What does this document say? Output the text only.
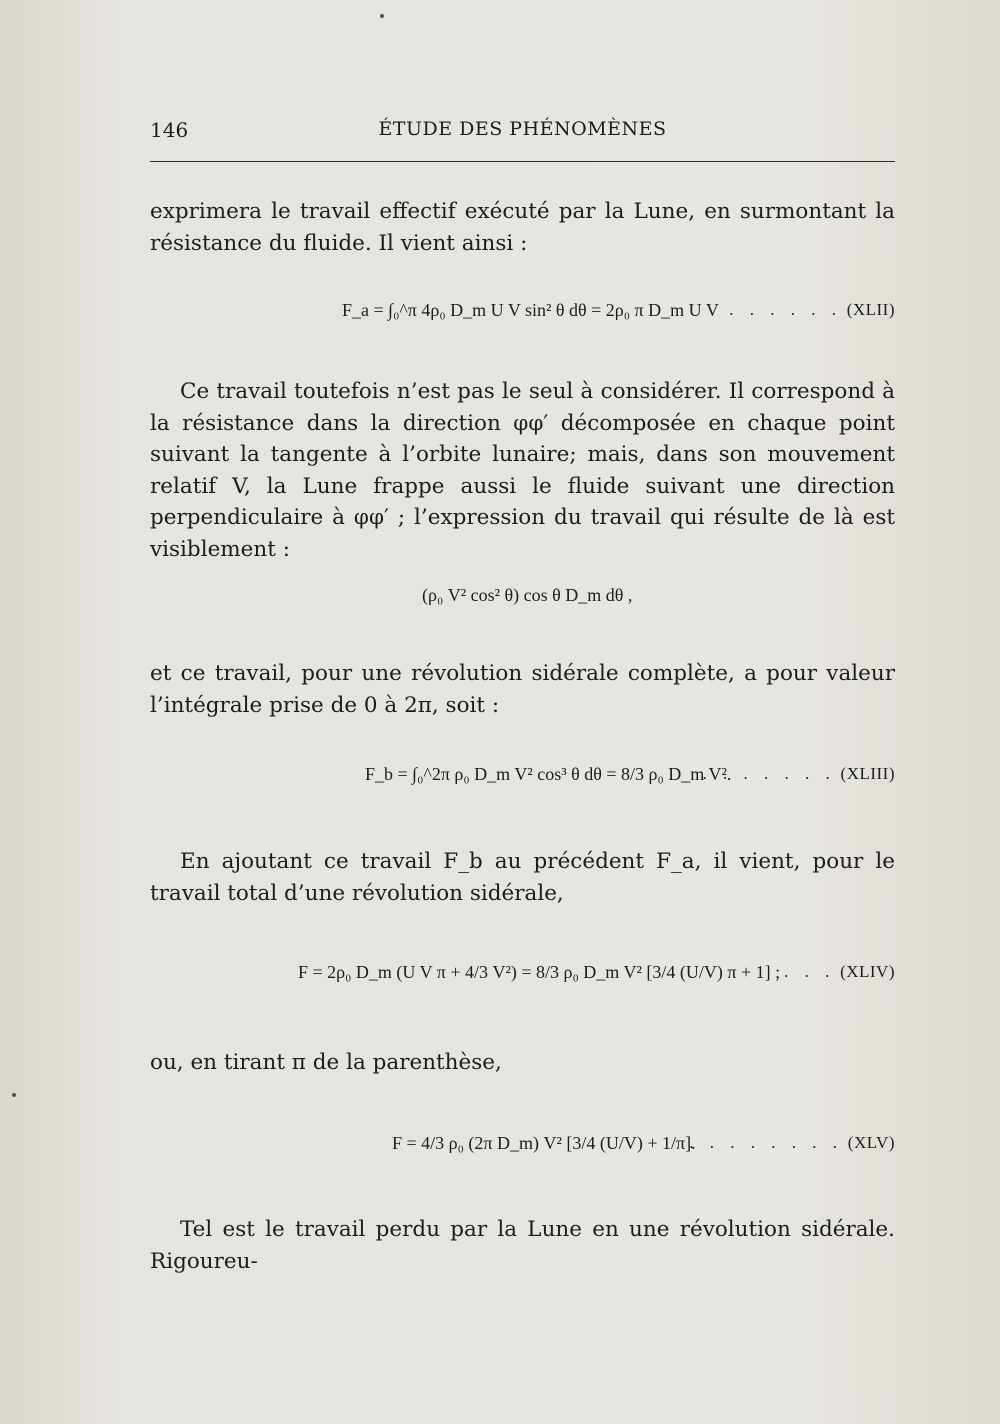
146	ÉTUDE DES PHÉNOMÈNES
exprimera le travail effectif exécuté par la Lune, en surmontant la résistance du fluide. Il vient ainsi :
F_a = ∫₀^π 4ρ₀ D_m U V sin² θ dθ = 2ρ₀ π D_m U V . . . . . . (XLII)
Ce travail toutefois n’est pas le seul à considérer. Il correspond à la résistance dans la direction φφ′ décomposée en chaque point suivant la tangente à l’orbite lunaire; mais, dans son mouvement relatif V, la Lune frappe aussi le fluide suivant une direction perpendiculaire à φφ′ ; l’expression du travail qui résulte de là est visiblement :
(ρ₀ V² cos² θ) cos θ D_m dθ ,
et ce travail, pour une révolution sidérale complète, a pour valeur l’intégrale prise de 0 à 2π, soit :
F_b = ∫₀^2π ρ₀ D_m V² cos³ θ dθ = 8/3 ρ₀ D_m V².
. . . . . . . (XLIII)
En ajoutant ce travail F_b au précédent F_a, il vient, pour le travail total d’une révolution sidérale,
F = 2ρ₀ D_m (U V π + 4/3 V²) = 8/3 ρ₀ D_m V² [3/4 (U/V) π + 1] ; . . . (XLIV)
ou, en tirant π de la parenthèse,
F = 4/3 ρ₀ (2π D_m) V² [3/4 (U/V) + 1/π].
. . . . . . . . (XLV)
Tel est le travail perdu par la Lune en une révolution sidérale. Rigoureu-
